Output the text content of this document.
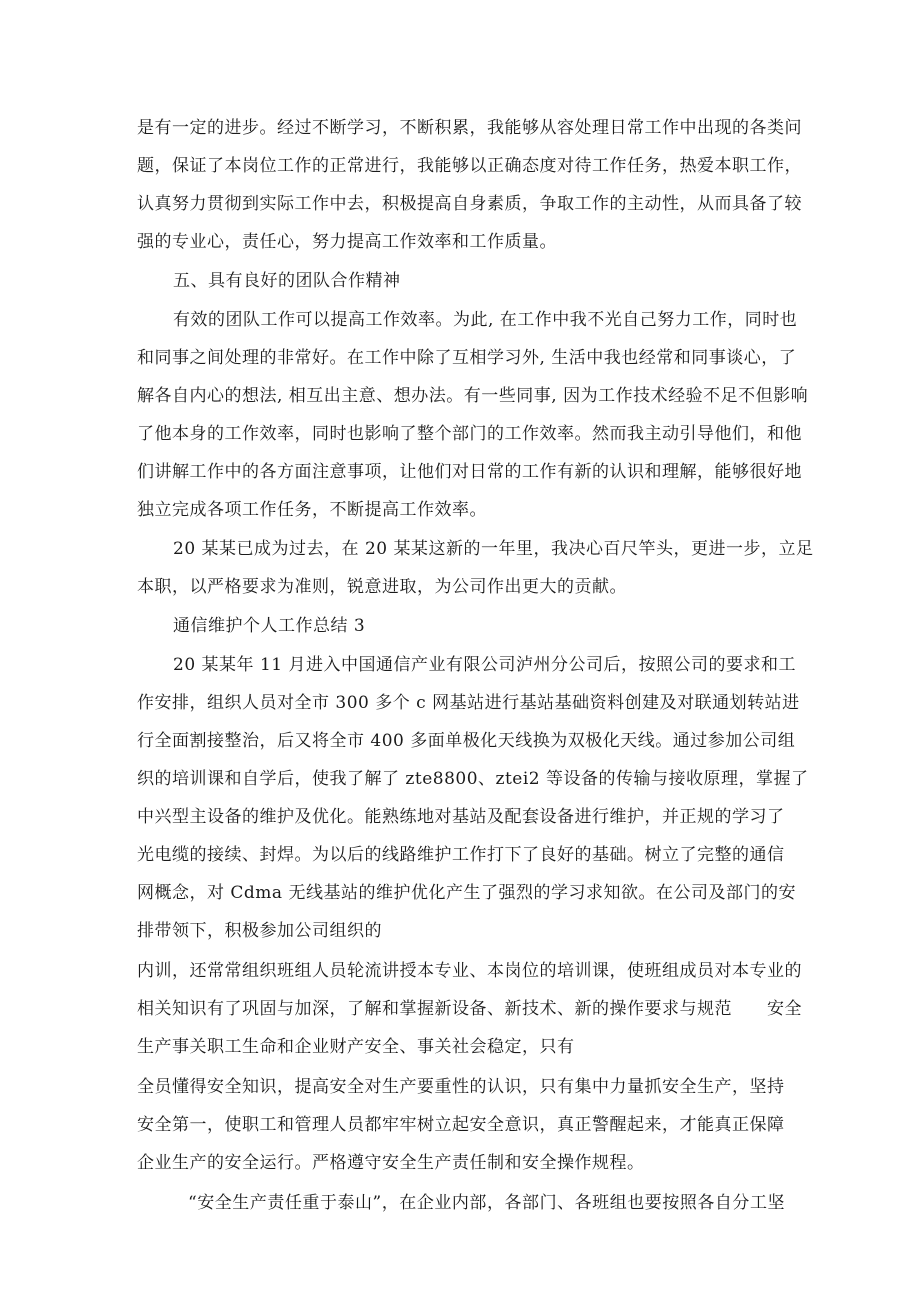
是有一定的进步。经过不断学习，不断积累，我能够从容处理日常工作中出现的各类问
题，保证了本岗位工作的正常进行，我能够以正确态度对待工作任务，热爱本职工作，
认真努力贯彻到实际工作中去，积极提高自身素质，争取工作的主动性，从而具备了较
强的专业心，责任心，努力提高工作效率和工作质量。
五、具有良好的团队合作精神
有效的团队工作可以提高工作效率。为此, 在工作中我不光自己努力工作，同时也
和同事之间处理的非常好。在工作中除了互相学习外, 生活中我也经常和同事谈心，了
解各自内心的想法, 相互出主意、想办法。有一些同事, 因为工作技术经验不足不但影响
了他本身的工作效率，同时也影响了整个部门的工作效率。然而我主动引导他们，和他
们讲解工作中的各方面注意事项，让他们对日常的工作有新的认识和理解，能够很好地
独立完成各项工作任务，不断提高工作效率。
20 某某已成为过去，在 20 某某这新的一年里，我决心百尺竿头，更进一步，立足
本职，以严格要求为准则，锐意进取，为公司作出更大的贡献。
通信维护个人工作总结 3
20 某某年 11 月进入中国通信产业有限公司泸州分公司后，按照公司的要求和工
作安排，组织人员对全市 300 多个 c 网基站进行基站基础资料创建及对联通划转站进
行全面割接整治，后又将全市 400 多面单极化天线换为双极化天线。通过参加公司组
织的培训课和自学后，使我了解了 zte8800、ztei2 等设备的传输与接收原理，掌握了
中兴型主设备的维护及优化。能熟练地对基站及配套设备进行维护，并正规的学习了
光电缆的接续、封焊。为以后的线路维护工作打下了良好的基础。树立了完整的通信
网概念，对 Cdma 无线基站的维护优化产生了强烈的学习求知欲。在公司及部门的安
排带领下，积极参加公司组织的
内训，还常常组织班组人员轮流讲授本专业、本岗位的培训课，使班组成员对本专业的
相关知识有了巩固与加深，了解和掌握新设备、新技术、新的操作要求与规范　　安全
生产事关职工生命和企业财产安全、事关社会稳定，只有
全员懂得安全知识，提高安全对生产要重性的认识，只有集中力量抓安全生产，坚持
安全第一，使职工和管理人员都牢牢树立起安全意识，真正警醒起来，才能真正保障
企业生产的安全运行。严格遵守安全生产责任制和安全操作规程。
“安全生产责任重于泰山”，在企业内部，各部门、各班组也要按照各自分工坚
